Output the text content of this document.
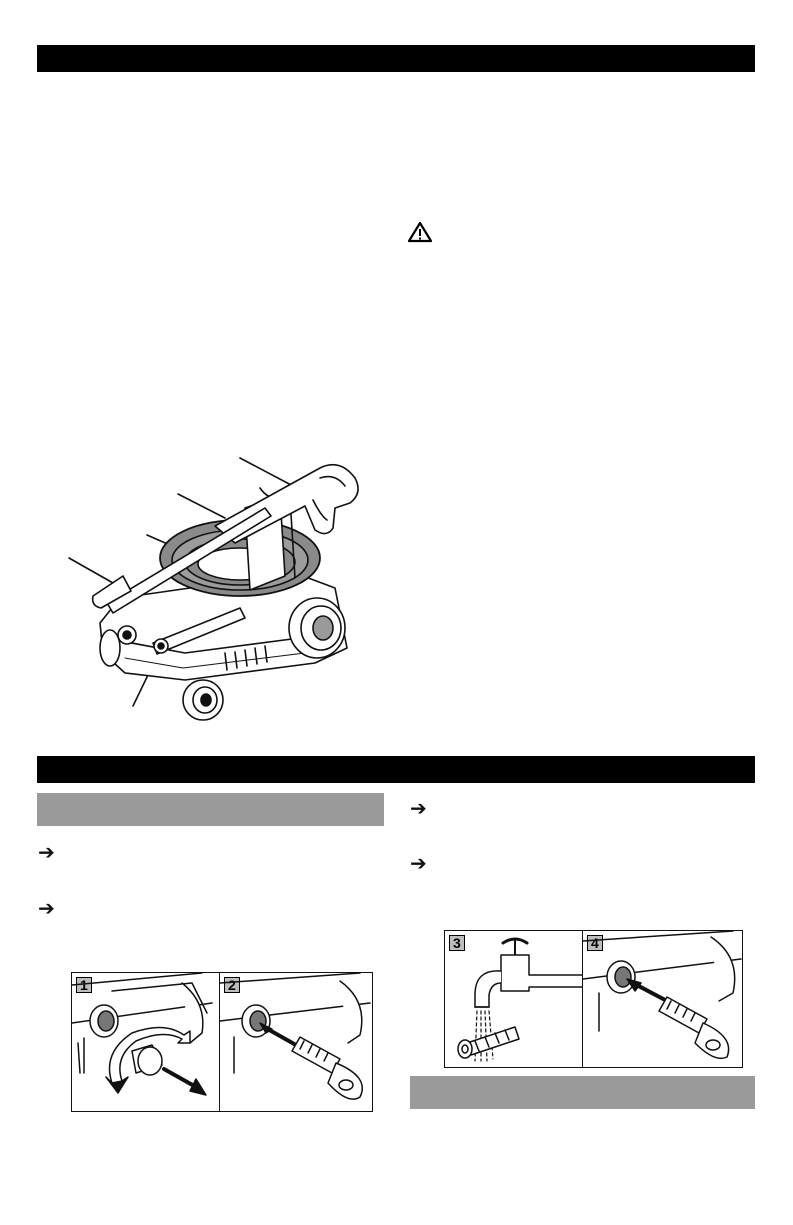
➔
➔
➔
➔
1	2
3	4
